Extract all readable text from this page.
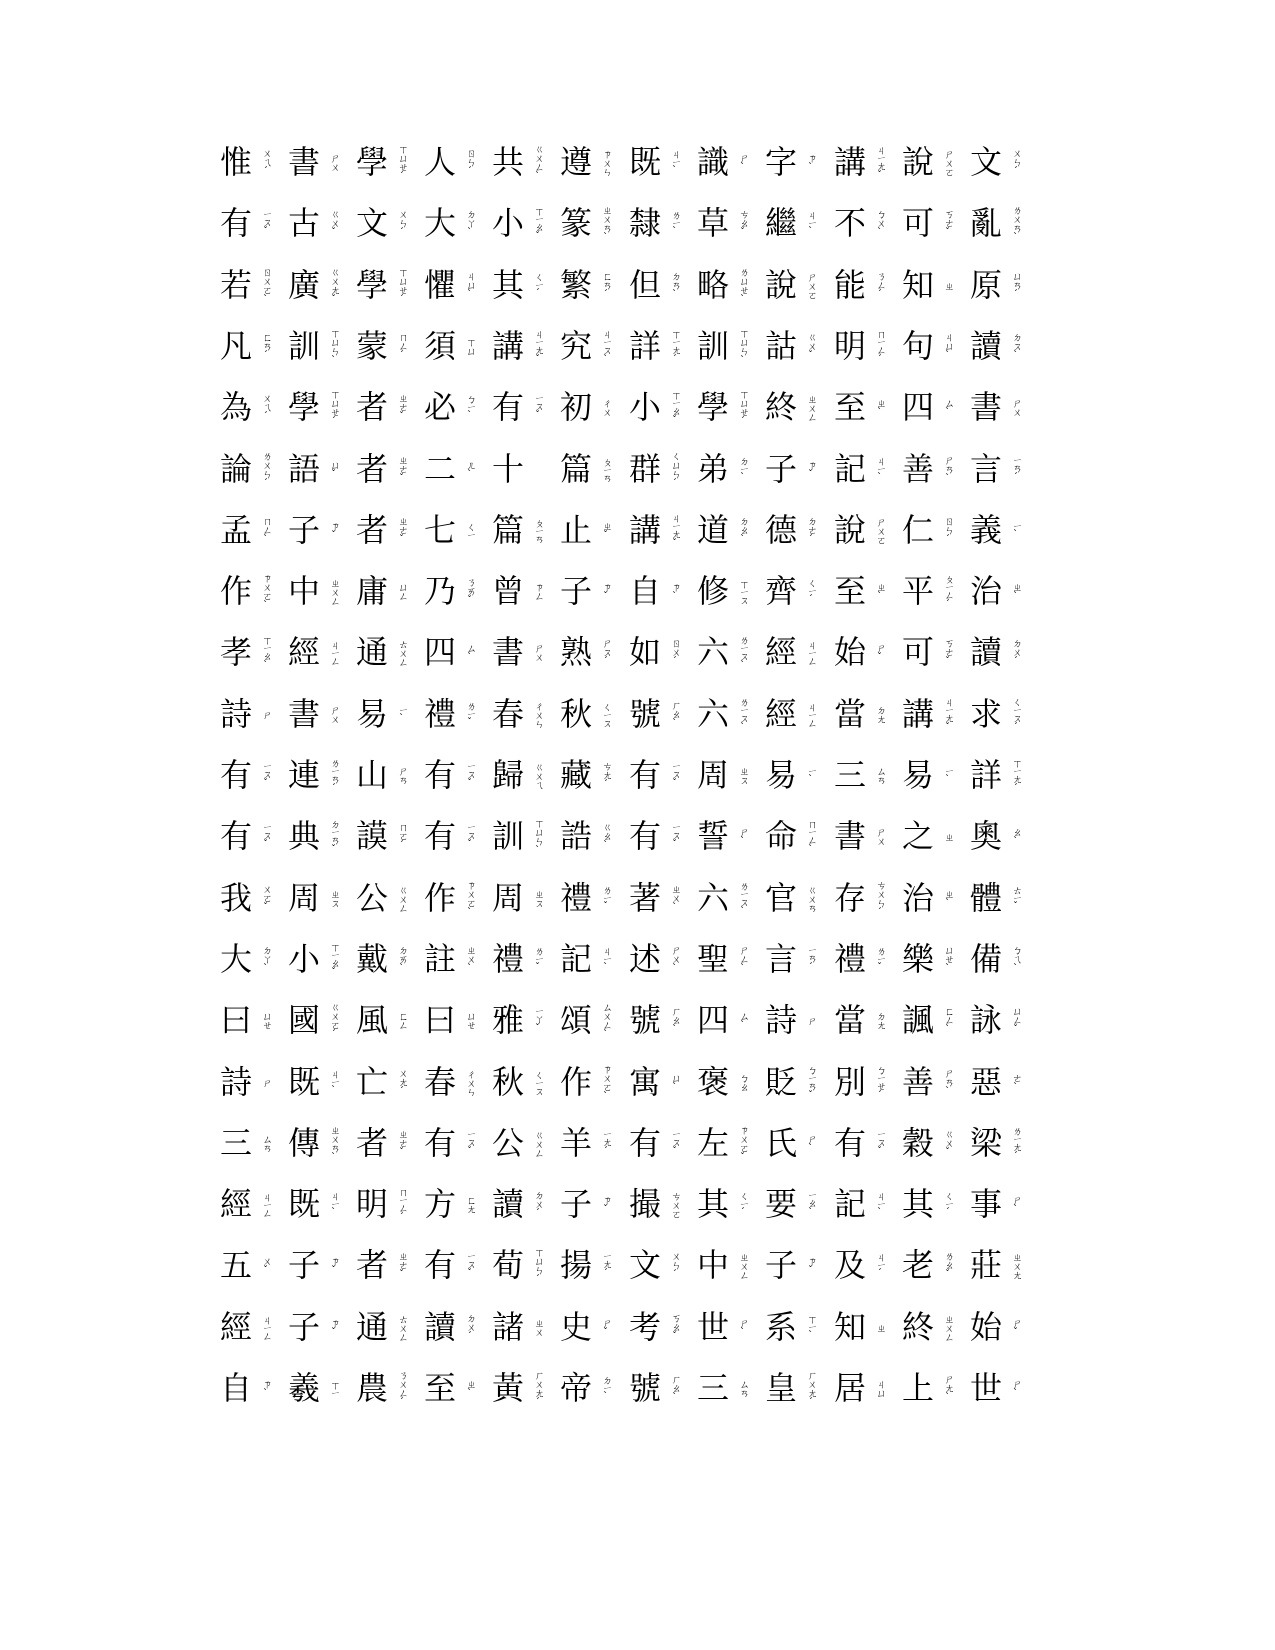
惟 ㄨㄟˊ 書 ㄕㄨ 學 ㄒㄩㄝˊ
有 ㄧㄡˇ 古 ㄍㄨˇ 文 ㄨㄣˊ
若 ㄖㄨㄛˋ 廣 ㄍㄨㄤˇ 學 ㄒㄩㄝˊ
凡 ㄈㄢˊ 訓 ㄒㄩㄣˋ 蒙 ㄇㄥˊ
為 ㄨㄟˊ 學 ㄒㄩㄝˊ 者 ㄓㄜˇ
論 ㄌㄨㄣˊ 語 ㄩˇ 者 ㄓㄜˇ
孟 ㄇㄥˋ 子 ㄗˇ 者 ㄓㄜˇ
作 ㄗㄨㄛˋ 中 ㄓㄨㄥ 庸 ㄩㄥ
孝 ㄒㄧㄠˋ 經 ㄐㄧㄥ 通 ㄊㄨㄥ
詩 ㄕ 書 ㄕㄨ 易 ㄧˋ
有 ㄧㄡˇ 連 ㄌㄧㄢˊ 山 ㄕㄢ
有 ㄧㄡˇ 典 ㄉㄧㄢˇ 謨 ㄇㄛˊ
我 ㄨㄛˇ 周 ㄓㄡ 公 ㄍㄨㄥ
大 ㄉㄚˋ 小 ㄒㄧㄠˇ 戴 ㄉㄞˋ
曰 ㄩㄝ 國 ㄍㄨㄛˊ 風 ㄈㄥ
詩 ㄕ 既 ㄐㄧˋ 亡 ㄨㄤˊ
三 ㄙㄢ 傳 ㄓㄨㄢˋ 者 ㄓㄜˇ
經 ㄐㄧㄥ 既 ㄐㄧˋ 明 ㄇㄧㄥˊ
五 ㄨˇ 子 ㄗˇ 者 ㄓㄜˇ
經 ㄐㄧㄥ 子 ㄗˇ 通 ㄊㄨㄥ
自 ㄗˋ 羲 ㄒㄧ 農 ㄋㄨㄥˊ
人 ㄖㄣˊ 共 ㄍㄨㄥˋ 遵 ㄗㄨㄣ
大 ㄉㄚˋ 小 ㄒㄧㄠˇ 篆 ㄓㄨㄢˋ
懼 ㄐㄩˋ 其 ㄑㄧˊ 繁 ㄈㄢˊ
須 ㄒㄩ 講 ㄐㄧㄤˇ 究 ㄐㄧㄡˋ
必 ㄅㄧˋ 有 ㄧㄡˇ 初 ㄔㄨ
二 ㄦˋ 十 篇 ㄆㄧㄢ
七 ㄑㄧ 篇 ㄆㄧㄢ 止 ㄓˇ
乃 ㄋㄞˇ 曾 ㄗㄥ 子 ㄗˇ
四 ㄙˋ 書 ㄕㄨ 熟 ㄕㄡˊ
禮 ㄌㄧˇ 春 ㄔㄨㄣ 秋 ㄑㄧㄡ
有 ㄧㄡˇ 歸 ㄍㄨㄟ 藏 ㄘㄤˊ
有 ㄧㄡˇ 訓 ㄒㄩㄣˋ 誥 ㄍㄠˋ
作 ㄗㄨㄛˋ 周 ㄓㄡ 禮 ㄌㄧˇ
註 ㄓㄨˋ 禮 ㄌㄧˇ 記 ㄐㄧˋ
曰 ㄩㄝ 雅 ㄧㄚˇ 頌 ㄙㄨㄥˋ
春 ㄔㄨㄣ 秋 ㄑㄧㄡ 作 ㄗㄨㄛˋ
有 ㄧㄡˇ 公 ㄍㄨㄥ 羊 ㄧㄤˊ
方 ㄈㄤ 讀 ㄉㄨˊ 子 ㄗˇ
有 ㄧㄡˇ 荀 ㄒㄩㄣˊ 揚 ㄧㄤˊ
讀 ㄉㄨˊ 諸 ㄓㄨ 史 ㄕˇ
至 ㄓˋ 黃 ㄏㄨㄤˊ 帝 ㄉㄧˋ
既 ㄐㄧˋ 識 ㄕˋ 字 ㄗˋ
隸 ㄌㄧˋ 草 ㄘㄠˇ 繼 ㄐㄧˋ
但 ㄉㄢˋ 略 ㄌㄩㄝˋ 說 ㄕㄨㄛ
詳 ㄒㄧㄤˊ 訓 ㄒㄩㄣˋ 詁 ㄍㄨˇ
小 ㄒㄧㄠˇ 學 ㄒㄩㄝˊ 終 ㄓㄨㄥ
群 ㄑㄩㄣˊ 弟 ㄉㄧˋ 子 ㄗˇ
講 ㄐㄧㄤˇ 道 ㄉㄠˋ 德 ㄉㄜˊ
自 ㄗˋ 修 ㄒㄧㄡ 齊 ㄑㄧˊ
如 ㄖㄨˊ 六 ㄌㄧㄡˋ 經 ㄐㄧㄥ
號 ㄏㄠˋ 六 ㄌㄧㄡˋ 經 ㄐㄧㄥ
有 ㄧㄡˇ 周 ㄓㄡ 易 ㄧˋ
有 ㄧㄡˇ 誓 ㄕˋ 命 ㄇㄧㄥˋ
著 ㄓㄨˋ 六 ㄌㄧㄡˋ 官 ㄍㄨㄢ
述 ㄕㄨˋ 聖 ㄕㄥˋ 言 ㄧㄢˊ
號 ㄏㄠˋ 四 ㄙˋ 詩 ㄕ
寓 ㄩˋ 褒 ㄅㄠ 貶 ㄅㄧㄢˇ
有 ㄧㄡˇ 左 ㄗㄨㄛˇ 氏 ㄕˋ
撮 ㄘㄨㄛ 其 ㄑㄧˊ 要 ㄧㄠˋ
文 ㄨㄣˊ 中 ㄓㄨㄥ 子 ㄗˇ
考 ㄎㄠˇ 世 ㄕˋ 系 ㄒㄧˋ
號 ㄏㄠˋ 三 ㄙㄢ 皇 ㄏㄨㄤˊ
講 ㄐㄧㄤˇ 說 ㄕㄨㄛ 文 ㄨㄣˊ
不 ㄅㄨˋ 可 ㄎㄜˇ 亂 ㄌㄨㄢˋ
能 ㄋㄥˊ 知 ㄓ 原 ㄩㄢˊ
明 ㄇㄧㄥˊ 句 ㄐㄩˋ 讀 ㄉㄡˋ
至 ㄓˋ 四 ㄙˋ 書 ㄕㄨ
記 ㄐㄧˋ 善 ㄕㄢˋ 言 ㄧㄢˊ
說 ㄕㄨㄛ 仁 ㄖㄣˊ 義 ㄧˋ
至 ㄓˋ 平 ㄆㄧㄥˊ 治 ㄓˋ
始 ㄕˇ 可 ㄎㄜˇ 讀 ㄉㄨˊ
當 ㄉㄤ 講 ㄐㄧㄤˇ 求 ㄑㄧㄡˊ
三 ㄙㄢ 易 ㄧˋ 詳 ㄒㄧㄤˊ
書 ㄕㄨ 之 ㄓ 奧 ㄠˋ
存 ㄘㄨㄣˊ 治 ㄓˋ 體 ㄊㄧˇ
禮 ㄌㄧˇ 樂 ㄩㄝˋ 備 ㄅㄟˋ
當 ㄉㄤ 諷 ㄈㄥˋ 詠 ㄩㄥˇ
別 ㄅㄧㄝˊ 善 ㄕㄢˋ 惡 ㄜˋ
有 ㄧㄡˇ 穀 ㄍㄨˇ 梁 ㄌㄧㄤˊ
記 ㄐㄧˋ 其 ㄑㄧˊ 事 ㄕˋ
及 ㄐㄧˊ 老 ㄌㄠˇ 莊 ㄓㄨㄤ
知 ㄓ 終 ㄓㄨㄥ 始 ㄕˇ
居 ㄐㄩ 上 ㄕㄤˋ 世 ㄕˋ
